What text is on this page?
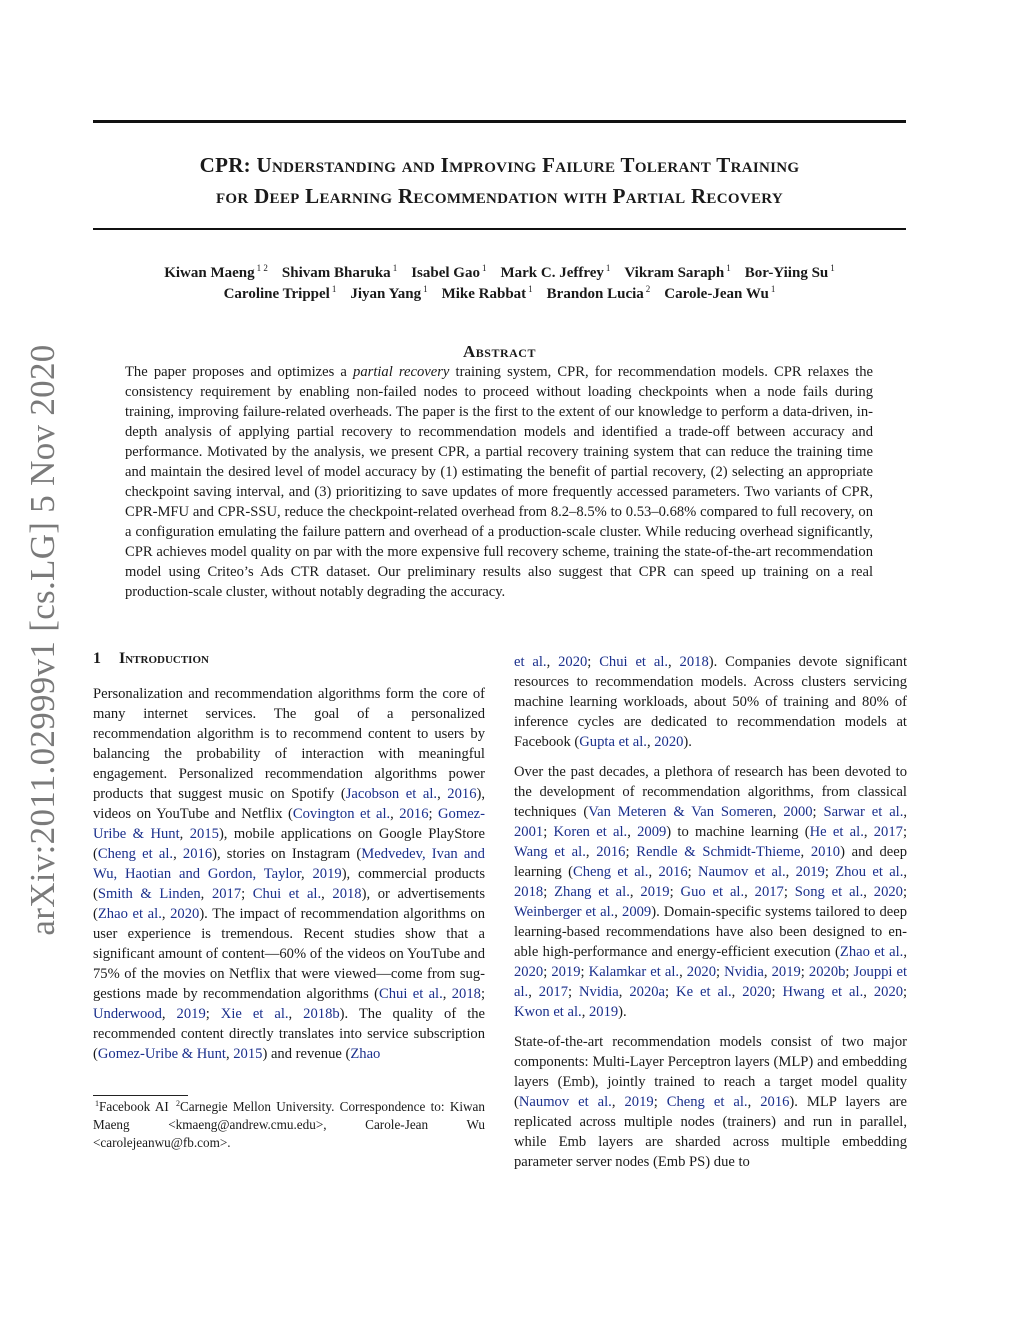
CPR: Understanding and Improving Failure Tolerant Training
for Deep Learning Recommendation with Partial Recovery
Kiwan Maeng $^{1 2}$ Shivam Bharuka $^1$ Isabel Gao $^1$ Mark C. Jeffrey $^1$ Vikram Saraph $^1$ Bor-Yiing Su $^1$
Caroline Trippel $^1$ Jiyan Yang $^1$ Mike Rabbat $^1$ Brandon Lucia $^2$ Carole-Jean Wu $^1$
arXiv:2011.02999v1 [cs.LG] 5 Nov 2020	Abstract
The paper proposes and optimizes a partial recovery training system, CPR, for recommendation models. CPR relaxes the consistency requirement by enabling non-failed nodes to proceed without loading checkpoints when a node fails during training, improving failure-related overheads. The paper is the first to the extent of our knowledge to perform a data-driven, in-depth analysis of applying partial recovery to recommendation models and identified a trade-off between accuracy and performance. Motivated by the analysis, we present CPR, a partial recovery training system that can reduce the training time and maintain the desired level of model accuracy by (1) estimating the benefit of partial recovery, (2) selecting an appropriate checkpoint saving interval, and (3) prioritizing to save updates of more frequently accessed parameters. Two variants of CPR, CPR-MFU and CPR-SSU, reduce the checkpoint-related overhead from 8.2–8.5% to 0.53–0.68% compared to full recovery, on a configuration emulating the failure pattern and overhead of a production-scale cluster. While reducing overhead significantly, CPR achieves model quality on par with the more expensive full recovery scheme, training the state-of-the-art recommendation model using Criteo’s Ads CTR dataset. Our preliminary results also suggest that CPR can speed up training on a real production-scale cluster, without notably degrading the accuracy.
1 Introduction

Personalization and recommendation algorithms form the core of many internet services. The goal of a personalized recommendation algorithm is to recommend content to users by balancing the probability of interaction with meaningful engagement. Personalized recommendation algorithms power products that suggest music on Spotify (Jacobson et al., 2016), videos on YouTube and Netflix (Covington et al., 2016; Gomez-Uribe & Hunt, 2015), mobile applications on Google PlayStore (Cheng et al., 2016), stories on Instagram (Medvedev, Ivan and Wu, Haotian and Gordon, Taylor, 2019), commercial products (Smith & Linden, 2017; Chui et al., 2018), or advertisements (Zhao et al., 2020). The impact of recommendation algorithms on user experience is tremendous. Recent studies show that a significant amount of content—60% of the videos on YouTube and 75% of the movies on Netflix that were viewed—come from suggestions made by recommendation algorithms (Chui et al., 2018; Underwood, 2019; Xie et al., 2018b). The quality of the recommended content directly translates into service subscription (Gomez-Uribe & Hunt, 2015) and revenue (Zhao

$^1$Facebook AI $^2$Carnegie Mellon University. Correspondence to: Kiwan Maeng <kmaeng@andrew.cmu.edu>, Carole-Jean Wu <carolejeanwu@fb.com>.

et al., 2020; Chui et al., 2018). Companies devote significant resources to recommendation models. Across clusters servicing machine learning workloads, about 50% of training and 80% of inference cycles are dedicated to recommendation models at Facebook (Gupta et al., 2020).

Over the past decades, a plethora of research has been devoted to the development of recommendation algorithms, from classical techniques (Van Meteren & Van Someren, 2000; Sarwar et al., 2001; Koren et al., 2009) to machine learning (He et al., 2017; Wang et al., 2016; Rendle & Schmidt-Thieme, 2010) and deep learning (Cheng et al., 2016; Naumov et al., 2019; Zhou et al., 2018; Zhang et al., 2019; Guo et al., 2017; Song et al., 2020; Weinberger et al., 2009). Domain-specific systems tailored to deep learning-based recommendations have also been designed to enable high-performance and energy-efficient execution (Zhao et al., 2020; 2019; Kalamkar et al., 2020; Nvidia, 2019; 2020b; Jouppi et al., 2017; Nvidia, 2020a; Ke et al., 2020; Hwang et al., 2020; Kwon et al., 2019).

State-of-the-art recommendation models consist of two major components: Multi-Layer Perceptron layers (MLP) and embedding layers (Emb), jointly trained to reach a target model quality (Naumov et al., 2019; Cheng et al., 2016). MLP layers are replicated across multiple nodes (trainers) and run in parallel, while Emb layers are sharded across multiple embedding parameter server nodes (Emb PS) due to
